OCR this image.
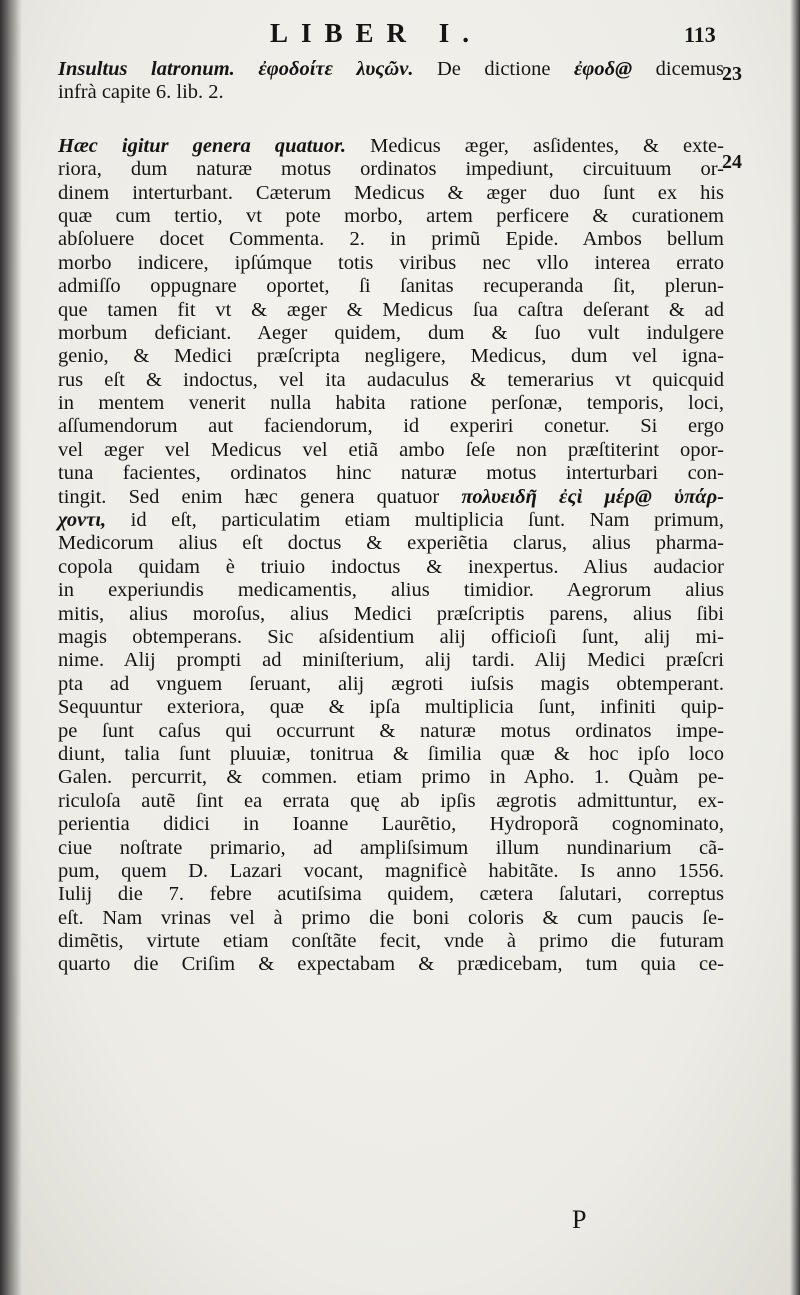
LIBER I.	113
23
24
Insultus latronum. ἐφοδοίτε λυςῶν. De dictione ἐφοδ@ dicemus
infrà capite 6. lib. 2.
Hæc igitur genera quatuor. Medicus æger, asſidentes, & exte-
riora, dum naturæ motus ordinatos impediunt, circuituum or-
dinem interturbant. Cæterum Medicus & æger duo ſunt ex his
quæ cum tertio, vt pote morbo, artem perficere & curationem
abſoluere docet Commenta. 2. in primũ Epide. Ambos bellum
morbo indicere, ipſúmque totis viribus nec vllo interea errato
admiſſo oppugnare oportet, ſi ſanitas recuperanda ſit, plerun-
que tamen fit vt & æger & Medicus ſua caſtra deſerant & ad
morbum deficiant. Aeger quidem, dum & ſuo vult indulgere
genio, & Medici præſcripta negligere, Medicus, dum vel igna-
rus eſt & indoctus, vel ita audaculus & temerarius vt quicquid
in mentem venerit nulla habita ratione perſonæ, temporis, loci,
aſſumendorum aut faciendorum, id experiri conetur. Si ergo
vel æger vel Medicus vel etiã ambo ſeſe non præſtiterint opor-
tuna facientes, ordinatos hinc naturæ motus interturbari con-
tingit. Sed enim hæc genera quatuor πολυειδῆ ἐςὶ μέρ@ ὑπάρ-
χοντι, id eſt, particulatim etiam multiplicia ſunt. Nam primum,
Medicorum alius eſt doctus & experiẽtia clarus, alius pharma-
copola quidam è triuio indoctus & inexpertus. Alius audacior
in experiundis medicamentis, alius timidior. Aegrorum alius
mitis, alius moroſus, alius Medici præſcriptis parens, alius ſibi
magis obtemperans. Sic aſsidentium alij officioſi ſunt, alij mi-
nime. Alij prompti ad miniſterium, alij tardi. Alij Medici præſcri
pta ad vnguem ſeruant, alij ægroti iuſsis magis obtemperant.
Sequuntur exteriora, quæ & ipſa multiplicia ſunt, infiniti quip-
pe ſunt caſus qui occurrunt & naturæ motus ordinatos impe-
diunt, talia ſunt pluuiæ, tonitrua & ſimilia quæ & hoc ipſo loco
Galen. percurrit, & commen. etiam primo in Apho. 1. Quàm pe-
riculoſa autẽ ſint ea errata quę ab ipſis ægrotis admittuntur, ex-
perientia didici in Ioanne Laurẽtio, Hydroporã cognominato,
ciue noſtrate primario, ad ampliſsimum illum nundinarium cã-
pum, quem D. Lazari vocant, magnificè habitãte. Is anno 1556.
Iulij die 7. febre acutiſsima quidem, cætera ſalutari, correptus
eſt. Nam vrinas vel à primo die boni coloris & cum paucis ſe-
dimẽtis, virtute etiam conſtãte fecit, vnde à primo die futuram
quarto die Criſim & expectabam & prædicebam, tum quia ce-
P
